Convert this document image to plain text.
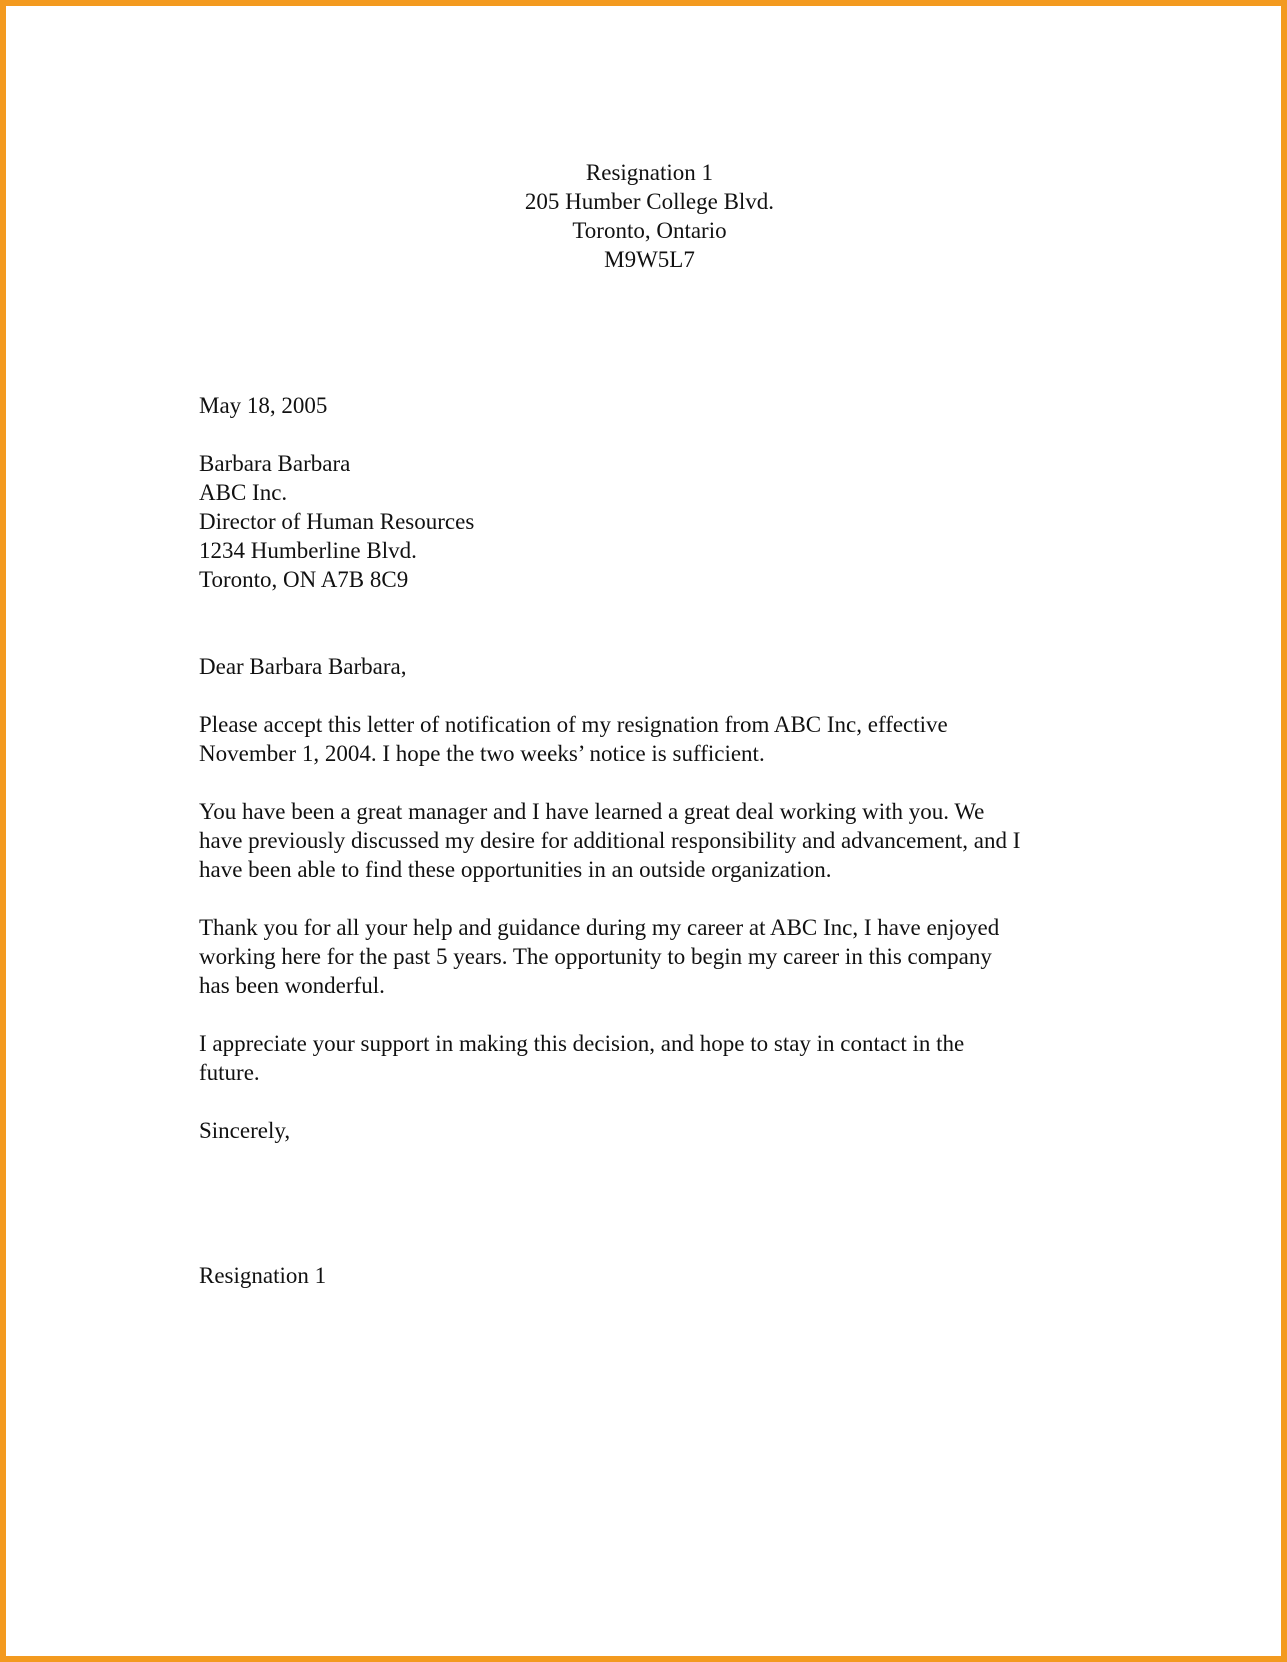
Resignation 1
205 Humber College Blvd.
Toronto, Ontario
M9W5L7
May 18, 2005
Barbara Barbara
ABC Inc.
Director of Human Resources
1234 Humberline Blvd.
Toronto, ON A7B 8C9
Dear Barbara Barbara,
Please accept this letter of notification of my resignation from ABC Inc, effective
November 1, 2004. I hope the two weeks’ notice is sufficient.
You have been a great manager and I have learned a great deal working with you. We
have previously discussed my desire for additional responsibility and advancement, and I
have been able to find these opportunities in an outside organization.
Thank you for all your help and guidance during my career at ABC Inc, I have enjoyed
working here for the past 5 years. The opportunity to begin my career in this company
has been wonderful.
I appreciate your support in making this decision, and hope to stay in contact in the
future.
Sincerely,
Resignation 1
